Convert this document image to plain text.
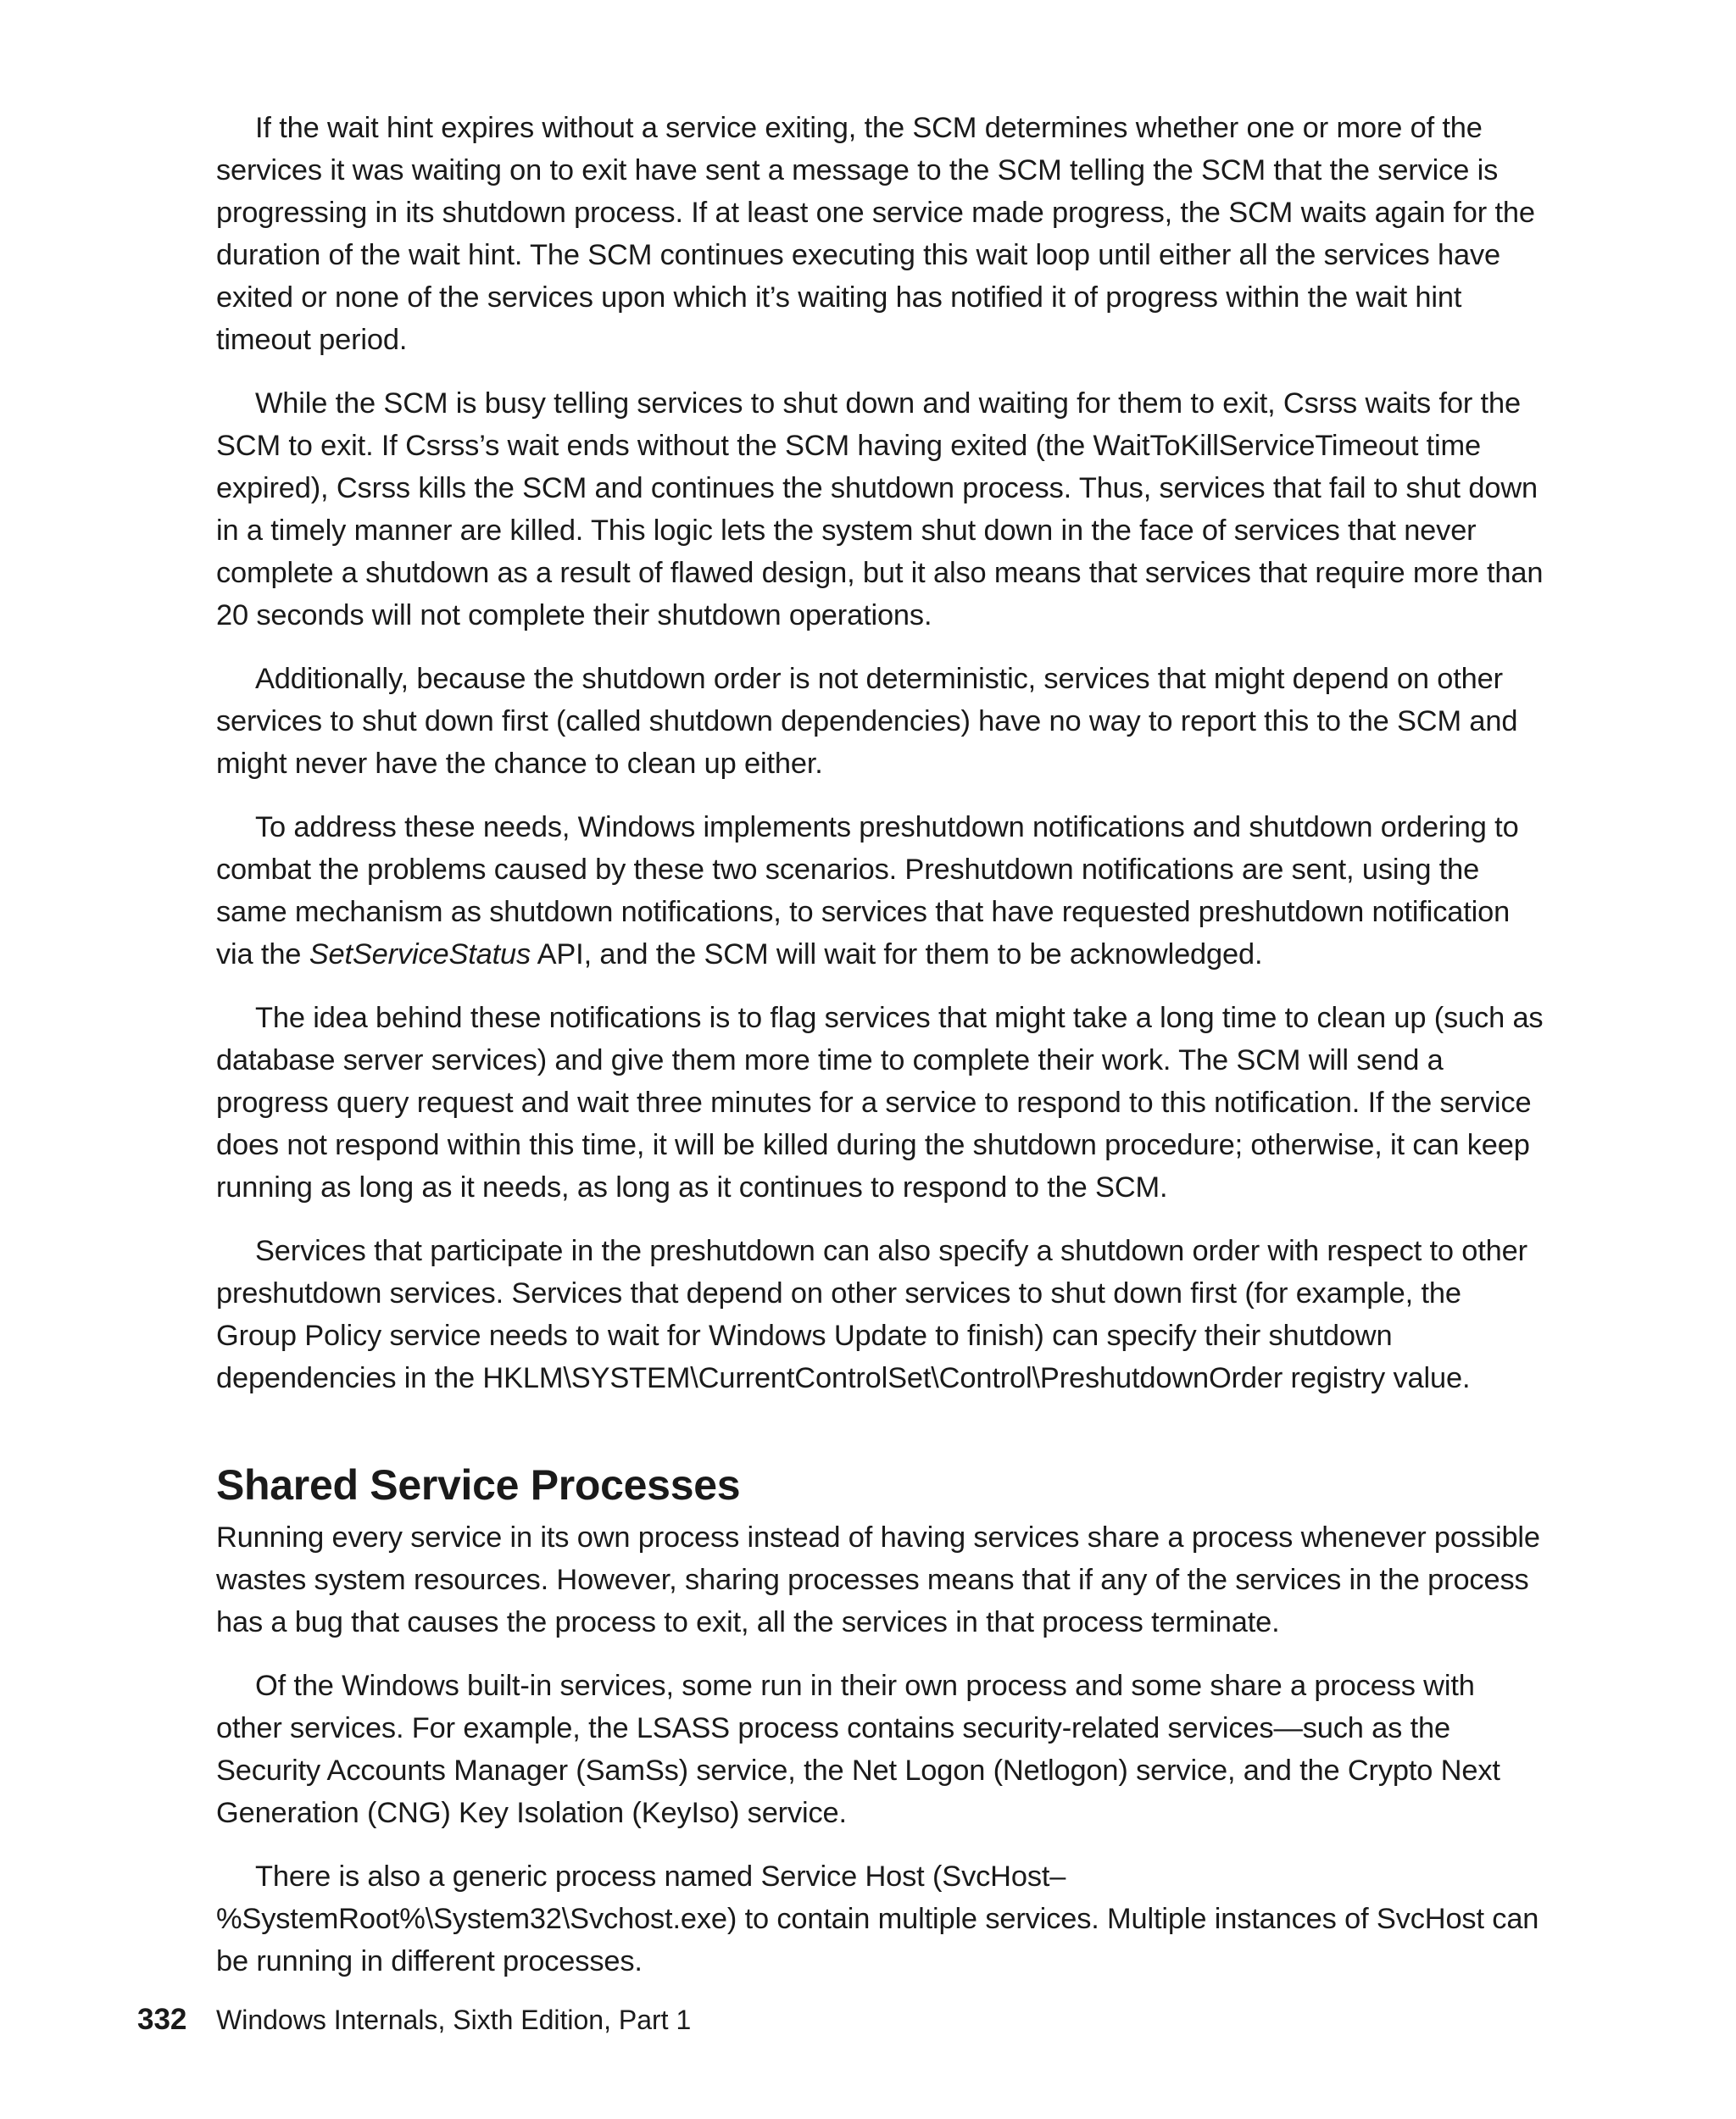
If the wait hint expires without a service exiting, the SCM determines whether one or more of the services it was waiting on to exit have sent a message to the SCM telling the SCM that the service is progressing in its shutdown process. If at least one service made progress, the SCM waits again for the duration of the wait hint. The SCM continues executing this wait loop until either all the services have exited or none of the services upon which it’s waiting has notified it of progress within the wait hint timeout period.

While the SCM is busy telling services to shut down and waiting for them to exit, Csrss waits for the SCM to exit. If Csrss’s wait ends without the SCM having exited (the WaitToKillServiceTimeout time expired), Csrss kills the SCM and continues the shutdown process. Thus, services that fail to shut down in a timely manner are killed. This logic lets the system shut down in the face of services that never complete a shutdown as a result of flawed design, but it also means that services that require more than 20 seconds will not complete their shutdown operations.

Additionally, because the shutdown order is not deterministic, services that might depend on other services to shut down first (called shutdown dependencies) have no way to report this to the SCM and might never have the chance to clean up either.

To address these needs, Windows implements preshutdown notifications and shutdown ordering to combat the problems caused by these two scenarios. Preshutdown notifications are sent, using the same mechanism as shutdown notifications, to services that have requested preshutdown notification via the SetServiceStatus API, and the SCM will wait for them to be acknowledged.

The idea behind these notifications is to flag services that might take a long time to clean up (such as database server services) and give them more time to complete their work. The SCM will send a progress query request and wait three minutes for a service to respond to this notification. If the service does not respond within this time, it will be killed during the shutdown procedure; otherwise, it can keep running as long as it needs, as long as it continues to respond to the SCM.

Services that participate in the preshutdown can also specify a shutdown order with respect to other preshutdown services. Services that depend on other services to shut down first (for example, the Group Policy service needs to wait for Windows Update to finish) can specify their shutdown dependencies in the HKLM\SYSTEM\CurrentControlSet\Control\PreshutdownOrder registry value.

Shared Service Processes

Running every service in its own process instead of having services share a process whenever possible wastes system resources. However, sharing processes means that if any of the services in the process has a bug that causes the process to exit, all the services in that process terminate.

Of the Windows built-in services, some run in their own process and some share a process with other services. For example, the LSASS process contains security-related services—such as the Security Accounts Manager (SamSs) service, the Net Logon (Netlogon) service, and the Crypto Next Generation (CNG) Key Isolation (KeyIso) service.

There is also a generic process named Service Host (SvcHost–%SystemRoot%\System32\Svchost.exe) to contain multiple services. Multiple instances of SvcHost can be running in different processes.

332	Windows Internals, Sixth Edition, Part 1
